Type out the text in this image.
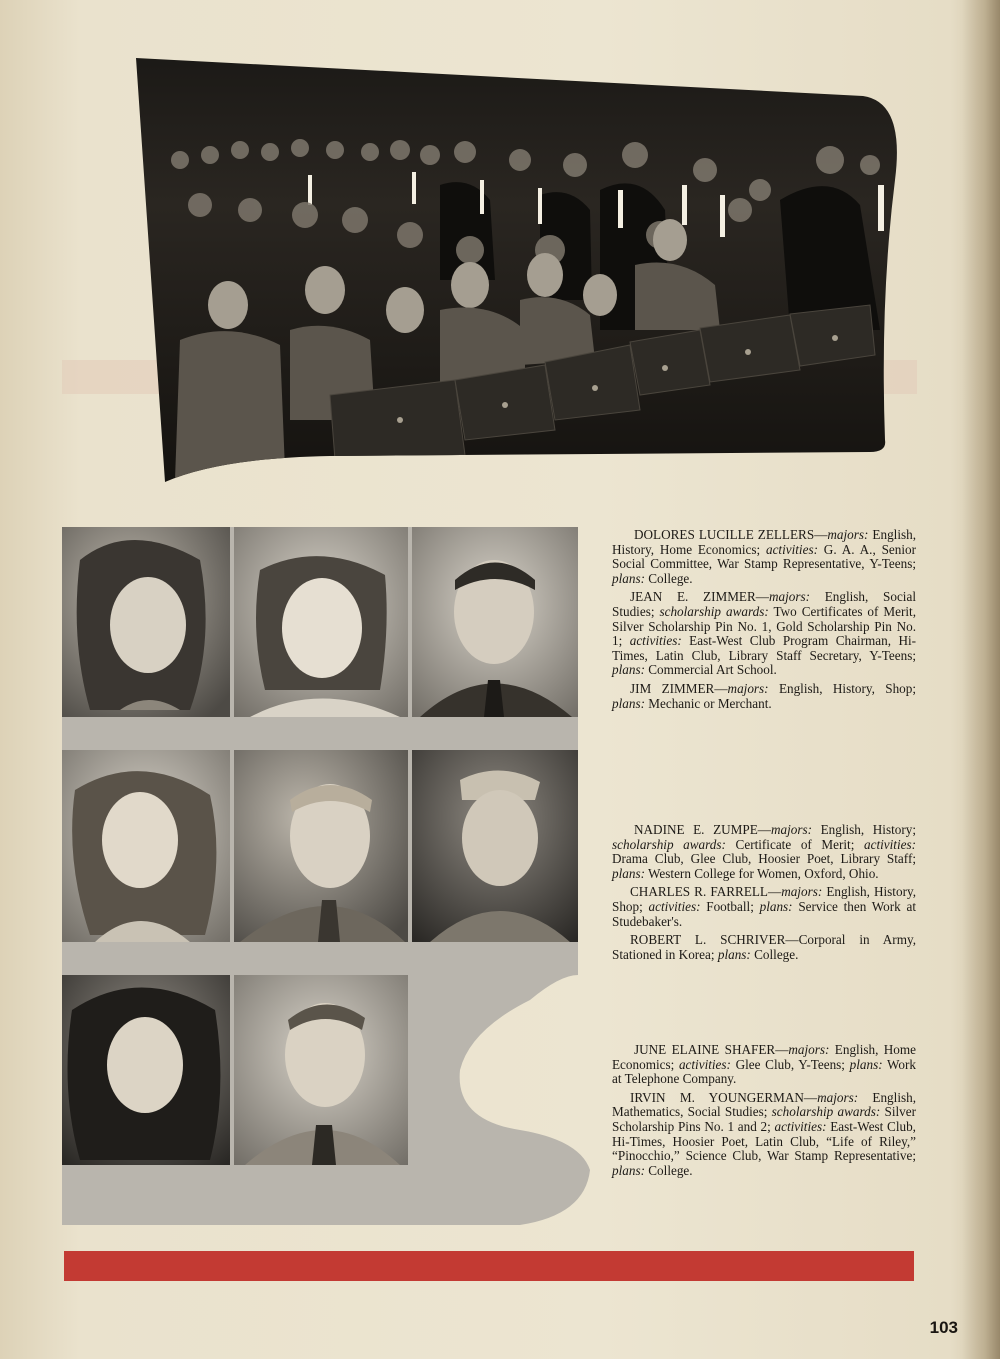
DOLORES LUCILLE ZELLERS—majors: English, History, Home Economics; activities: G. A. A., Senior Social Committee, War Stamp Representative, Y-Teens; plans: College.

JEAN E. ZIMMER—majors: English, Social Studies; scholarship awards: Two Certificates of Merit, Silver Scholarship Pin No. 1, Gold Scholarship Pin No. 1; activities: East-West Club Program Chairman, Hi-Times, Latin Club, Library Staff Secretary, Y-Teens; plans: Commercial Art School.

JIM ZIMMER—majors: English, History, Shop; plans: Mechanic or Merchant.

NADINE E. ZUMPE—majors: English, History; scholarship awards: Certificate of Merit; activities: Drama Club, Glee Club, Hoosier Poet, Library Staff; plans: Western College for Women, Oxford, Ohio.

CHARLES R. FARRELL—majors: English, History, Shop; activities: Football; plans: Service then Work at Studebaker's.

ROBERT L. SCHRIVER—Corporal in Army, Stationed in Korea; plans: College.

JUNE ELAINE SHAFER—majors: English, Home Economics; activities: Glee Club, Y-Teens; plans: Work at Telephone Company.

IRVIN M. YOUNGERMAN—majors: English, Mathematics, Social Studies; scholarship awards: Silver Scholarship Pins No. 1 and 2; activities: East-West Club, Hi-Times, Hoosier Poet, Latin Club, “Life of Riley,” “Pinocchio,” Science Club, War Stamp Representative; plans: College.

103
